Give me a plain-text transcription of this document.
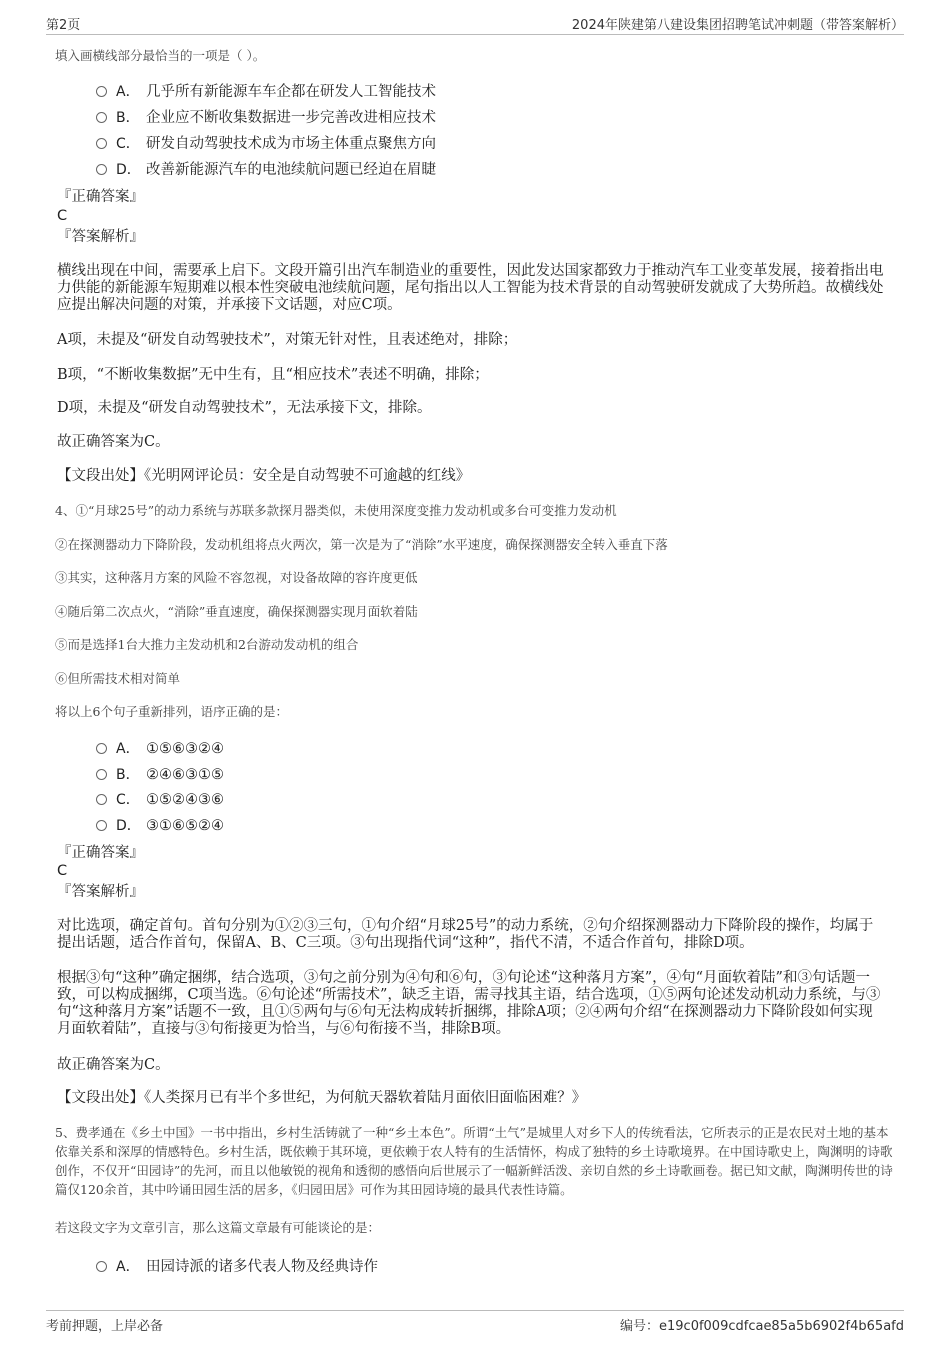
第2页	2024年陕建第八建设集团招聘笔试冲刺题（带答案解析）
填入画横线部分最恰当的一项是（ ）。
A． 几乎所有新能源车车企都在研发人工智能技术
B． 企业应不断收集数据进一步完善改进相应技术
C． 研发自动驾驶技术成为市场主体重点聚焦方向
D． 改善新能源汽车的电池续航问题已经迫在眉睫
『正确答案』
C
『答案解析』
横线出现在中间，需要承上启下。文段开篇引出汽车制造业的重要性，因此发达国家都致力于推动汽车工业变革发展，接着指出电力供能的新能源车短期难以根本性突破电池续航问题，尾句指出以人工智能为技术背景的自动驾驶研发就成了大势所趋。故横线处应提出解决问题的对策，并承接下文话题，对应C项。
A项，未提及“研发自动驾驶技术”，对策无针对性，且表述绝对，排除；
B项，“不断收集数据”无中生有，且“相应技术”表述不明确，排除；
D项，未提及“研发自动驾驶技术”，无法承接下文，排除。
故正确答案为C。
【文段出处】《光明网评论员：安全是自动驾驶不可逾越的红线》
4、①“月球25号”的动力系统与苏联多款探月器类似，未使用深度变推力发动机或多台可变推力发动机
②在探测器动力下降阶段，发动机组将点火两次，第一次是为了“消除”水平速度，确保探测器安全转入垂直下落
③其实，这种落月方案的风险不容忽视，对设备故障的容许度更低
④随后第二次点火，“消除”垂直速度，确保探测器实现月面软着陆
⑤而是选择1台大推力主发动机和2台游动发动机的组合
⑥但所需技术相对简单
将以上6个句子重新排列，语序正确的是：
A． ①⑤⑥③②④
B． ②④⑥③①⑤
C． ①⑤②④③⑥
D． ③①⑥⑤②④
『正确答案』
C
『答案解析』
对比选项，确定首句。首句分别为①②③三句，①句介绍“月球25号”的动力系统，②句介绍探测器动力下降阶段的操作，均属于提出话题，适合作首句，保留A、B、C三项。③句出现指代词“这种”，指代不清，不适合作首句，排除D项。
根据③句“这种”确定捆绑，结合选项，③句之前分别为④句和⑥句，③句论述“这种落月方案”，④句“月面软着陆”和③句话题一致，可以构成捆绑，C项当选。⑥句论述“所需技术”，缺乏主语，需寻找其主语，结合选项，①⑤两句论述发动机动力系统，与③句“这种落月方案”话题不一致，且①⑤两句与⑥句无法构成转折捆绑，排除A项；②④两句介绍“在探测器动力下降阶段如何实现月面软着陆”，直接与③句衔接更为恰当，与⑥句衔接不当，排除B项。
故正确答案为C。
【文段出处】《人类探月已有半个多世纪，为何航天器软着陆月面依旧面临困难？》
5、费孝通在《乡土中国》一书中指出，乡村生活铸就了一种“乡土本色”。所谓“土气”是城里人对乡下人的传统看法，它所表示的正是农民对土地的基本依靠关系和深厚的情感特色。乡村生活，既依赖于其环境，更依赖于农人特有的生活情怀，构成了独特的乡土诗歌境界。在中国诗歌史上，陶渊明的诗歌创作，不仅开“田园诗”的先河，而且以他敏锐的视角和透彻的感悟向后世展示了一幅新鲜活泼、亲切自然的乡土诗歌画卷。据已知文献，陶渊明传世的诗篇仅120余首，其中吟诵田园生活的居多，《归园田居》可作为其田园诗境的最具代表性诗篇。
若这段文字为文章引言，那么这篇文章最有可能谈论的是：
A． 田园诗派的诸多代表人物及经典诗作
考前押题，上岸必备	编号：e19c0f009cdfcae85a5b6902f4b65afd
